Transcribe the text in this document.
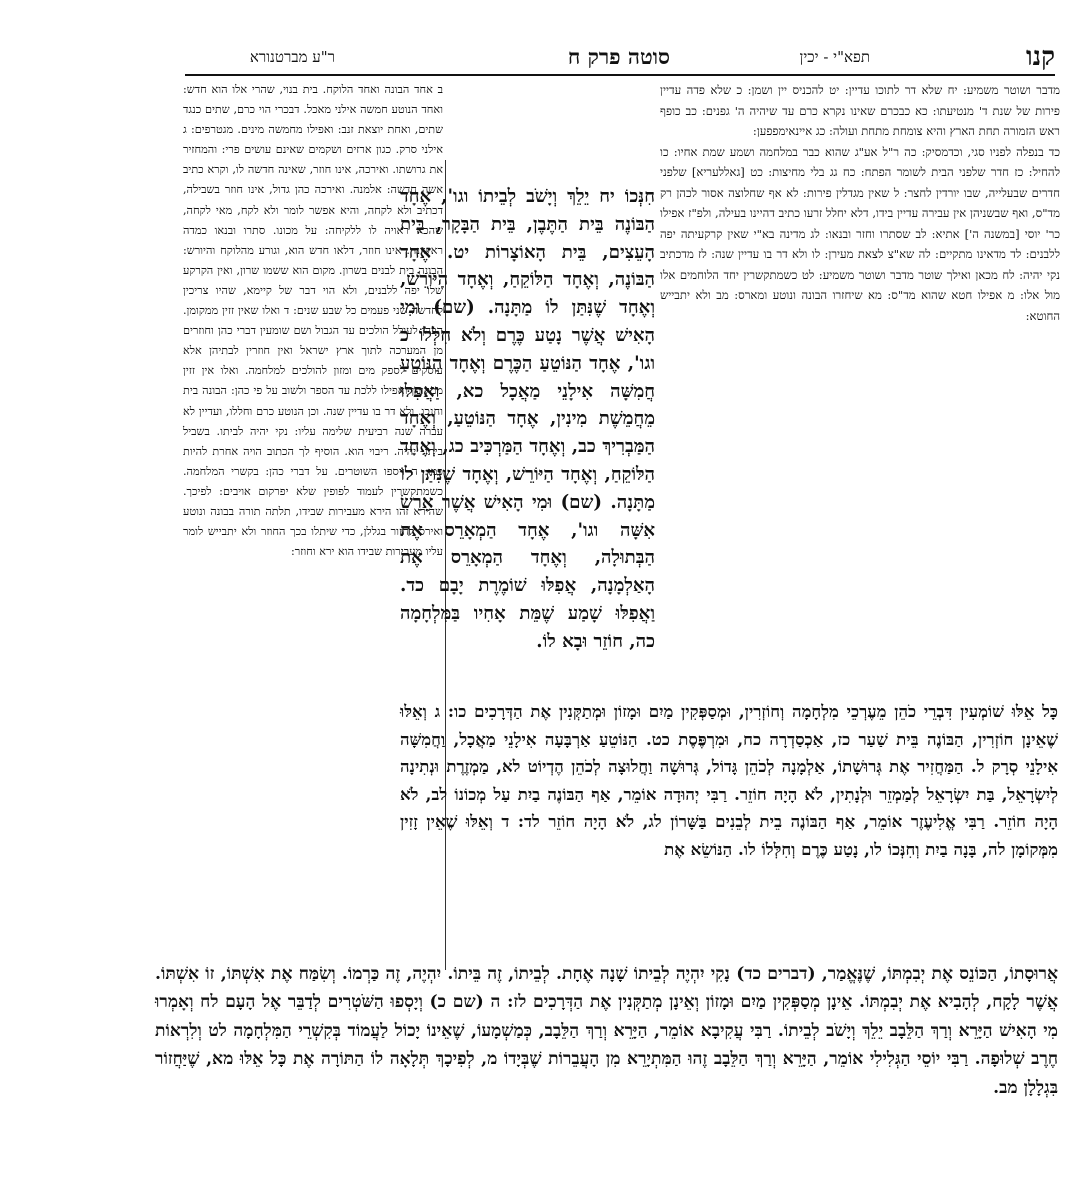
קנו
תפא"י - יכין
סוטה פרק ח
ר"ע מברטנורא

מדבר ושוטר משמיע: יח שלא דר לתוכו עדיין: יט להכניס יין ושמן: כ שלא פדה עדיין פירות של שנת ד' מנטיעתו: כא כבכרם שאינו נקרא כרם עד שיהיה ה' גפנים: כב כופף ראש הזמורה תחת הארץ והיא צומחת מתחת ועולה: כג איינאימפפען:

כד בנפלה לפניו סגי, וכדמסיק: כה ר"ל אע"ג שהוא כבר במלחמה ושמע שמת אחיו: כו להחיל: כז חדר שלפני הבית לשומר הפתח: כח גג בלי מחיצות: כט [גאללעריא] שלפני חדרים שבעלייה, שבו יורדין לחצר: ל שאין מגדלין פירות: לא אף שחלוצה אסור לכהן רק מד"ס, ואף שבשניהן אין עבירה עדיין בידו, דלא יחלל זרעו כתיב דהיינו בעילה, ולפ"ז אפילו כר' יוסי [במשנה ה'] אתיא: לב שסתרו וחזר ובנאו: לג מדינה בא"י שאין קרקעיתה יפה ללבנים: לד מדאינו מתקיים: לה שא"צ לצאת מעירן: לו ולא דר בו עדיין שנה: לז מדכתיב נקי יהיה: לח מכאן ואילך שוטר מדבר ושוטר משמיע: לט כשמתקשרין יחד הלוחמים אלו מול אלו: מ אפילו חטא שהוא מד"ס: מא שיחזרו הבונה ונוטע ומארס: מב ולא יתבייש החוטא:

ב אחד הבונה ואחד הלוקח. בית בנוי, שהרי אלו הוא חדש: ואחד הנוטע חמשה אילני מאכל. דבכרי הוי כרם, שתים כנגד שתים, ואחת יוצאת זנב: ואפילו מחמשה מינים. מגטרפים: ג אילני סרק. כגון ארזים ושקמים שאינם עושים פרי: והמחזיר את גרושתו. ואירכה, אינו חוזר, שאינה חדשה לו, וקרא כתיב אשה חדשה: אלמנה. ואירכה כהן גדול, אינו חוזר בשבילה, דכתיב ולא לקחה, והיא אפשר לומר ולא לקח, מאי לקחה, שהכא ראויה לו ללקיחה: על מכונו. סתרו ובנאו כמדה ראשונה. אינו חוזר, דלאו חדש הוא, וגורע מהלוקח והיורש: הבונה בית לבנים בשרון. מקום הוא ששמו שרון, ואין הקרקע שלו יפה ללבנים, ולא הוי דבר של קיימא, שהיו צריכין לחדשה שני פעמים כל שבע שנים: ד ואלו שאין זזין ממקומן. הכהן לעולל הולכים עד הגבול ושם שומעין דברי כהן וחוזרים מן המערכה לתוך ארץ ישראל ואין חוזרין לבתיהן אלא עוסקים לספק מים ומזון להולכים למלחמה. ואלו אין זזין ממקומן ואפילו ללכת עד הספר ולשוב על פי כהן: הבונה בית וחנכו. ולא דר בו עדיין שנה. וכן הנוטע כרם וחללו, ועדיין לא עברה שנה רביעית שלימה עליו: נקי יהיה לביתו. בשביל ביתו: יהיה. ריבוי הוא. הוסיף לך הכתוב הויה אחרת להיות כמו: ה ויספו השוטרים. על דברי כהן: בקשרי המלחמה. כשמתקשרין לעמוד לפופין שלא יפרקום אויבים: לפיכך. שהירא זהו הירא מעבירות שבידו, תלתה תורה בבונה ונוטע ואירס לחזור בגללן, כדי שיתלו בכך החוזר ולא יתבייש לומר עליו מעבירות שבידו הוא ירא וחוזר:

חִנְּכוֹ יח יֵלֵךְ וְיָשֹׁב לְבֵיתוֹ וגו', אֶחָד הַבּוֹנֶה בֵּית הַתֶּבֶן, בֵּית הַבָּקָר, בֵּית הָעֵצִים, בֵּית הָאוֹצָרוֹת יט. אֶחָד הַבּוֹנֶה, וְאֶחָד הַלּוֹקֵחַ, וְאֶחָד הַיּוֹרֵשׁ, וְאֶחָד שֶׁנִּתַּן לוֹ מַתָּנָה. (שם) וּמִי הָאִישׁ אֲשֶׁר נָטַע כֶּרֶם וְלֹא חִלְּלוֹ כ וגו', אֶחָד הַנּוֹטֵעַ הַכֶּרֶם וְאֶחָד הַנּוֹטֵעַ חֲמִשָּׁה אִילָנֵי מַאֲכָל כא, וַאֲפִלּוּ מֵחֲמֵשֶׁת מִינִין, אֶחָד הַנּוֹטֵעַ, וְאֶחָד הַמַּבְרִיךְ כב, וְאֶחָד הַמַּרְכִּיב כג, וְאֶחָד הַלּוֹקֵחַ, וְאֶחָד הַיּוֹרֵשׁ, וְאֶחָד שֶׁנִּתַּן לוֹ מַתָּנָה. (שם) וּמִי הָאִישׁ אֲשֶׁר אֵרַשׂ אִשָּׁה וגו', אֶחָד הַמְאָרֵס אֶת הַבְּתוּלָה, וְאֶחָד הַמְאָרֵס אֶת הָאַלְמָנָה, אֲפִלּוּ שׁוֹמֶרֶת יָבָם כד. וַאֲפִלּוּ שָׁמַע שֶׁמֵּת אָחִיו בַּמִּלְחָמָה כה, חוֹזֵר וּבָא לוֹ.

כָּל אֵלּוּ שׁוֹמְעִין דִּבְרֵי כֹהֵן מֵעֶרְכֵי מִלְחָמָה וְחוֹזְרִין, וּמְסַפְּקִין מַיִם וּמָזוֹן וּמְתַקְּנִין אֶת הַדְּרָכִים כו: ג וְאֵלּוּ שֶׁאֵינָן חוֹזְרִין, הַבּוֹנֶה בֵּית שַׁעַר כז, אַכְסַדְרָה כח, וּמִרְפֶּסֶת כט. הַנּוֹטֵעַ אַרְבָּעָה אִילָנֵי מַאֲכָל, וַחֲמִשָּׁה אִילָנֵי סְרָק ל. הַמַּחֲזִיר אֶת גְּרוּשָׁתוֹ, אַלְמָנָה לְכֹהֵן גָּדוֹל, גְּרוּשָׁה וַחֲלוּצָה לְכֹהֵן הֶדְיוֹט לא, מַמְזֶרֶת וּנְתִינָה לְיִשְׂרָאֵל, בַּת יִשְׂרָאֵל לְמַמְזֵר וּלְנָתִין, לֹא הָיָה חוֹזֵר. רַבִּי יְהוּדָה אוֹמֵר, אַף הַבּוֹנֶה בַיִת עַל מְכוֹנוֹ לב, לֹא הָיָה חוֹזֵר. רַבִּי אֱלִיעֶזֶר אוֹמֵר, אַף הַבּוֹנֶה בֵית לְבֵנִים בַּשָּׁרוֹן לג, לֹא הָיָה חוֹזֵר לד: ד וְאֵלּוּ שֶׁאֵין זָזִין מִמְּקוֹמָן לה, בָּנָה בַיִת וְחִנְּכוֹ לו, נָטַע כֶּרֶם וְחִלְּלוֹ לו. הַנּוֹשֵׂא אֶת

אֲרוּסָתוֹ, הַכּוֹנֵס אֶת יְבִמְתּוֹ, שֶׁנֶּאֱמַר, (דברים כד) נָקִי יִהְיֶה לְבֵיתוֹ שָׁנָה אֶחָת. לְבֵיתוֹ, זֶה בֵּיתוֹ. יִהְיֶה, זֶה כַּרְמוֹ. וְשִׂמַּח אֶת אִשְׁתּוֹ, זוֹ אִשְׁתּוֹ. אֲשֶׁר לָקָח, לְהָבִיא אֶת יְבִמְתּוֹ. אֵינָן מְסַפְּקִין מַיִם וּמָזוֹן וְאֵינָן מְתַקְּנִין אֶת הַדְּרָכִים לז: ה (שם כ) וְיָסְפוּ הַשֹּׁטְרִים לְדַבֵּר אֶל הָעָם לח וְאָמְרוּ מִי הָאִישׁ הַיָּרֵא וְרַךְ הַלֵּבָב יֵלֵךְ וְיָשֹׁב לְבֵיתוֹ. רַבִּי עֲקִיבָא אוֹמֵר, הַיָּרֵא וְרַךְ הַלֵּבָב, כְּמַשְׁמָעוֹ, שֶׁאֵינוֹ יָכוֹל לַעֲמוֹד בְּקִשְׁרֵי הַמִּלְחָמָה לט וְלִרְאוֹת חֶרֶב שְׁלוּפָה. רַבִּי יוֹסֵי הַגְּלִילִי אוֹמֵר, הַיָּרֵא וְרַךְ הַלֵּבָב זֶהוּ הַמִּתְיָרֵא מִן הָעֲבֵרוֹת שֶׁבְּיָדוֹ מ, לְפִיכָךְ תְּלָאָה לוֹ הַתּוֹרָה אֶת כָּל אֵלּוּ מא, שֶׁיַּחֲזוֹר בִּגְלָלָן מב.
